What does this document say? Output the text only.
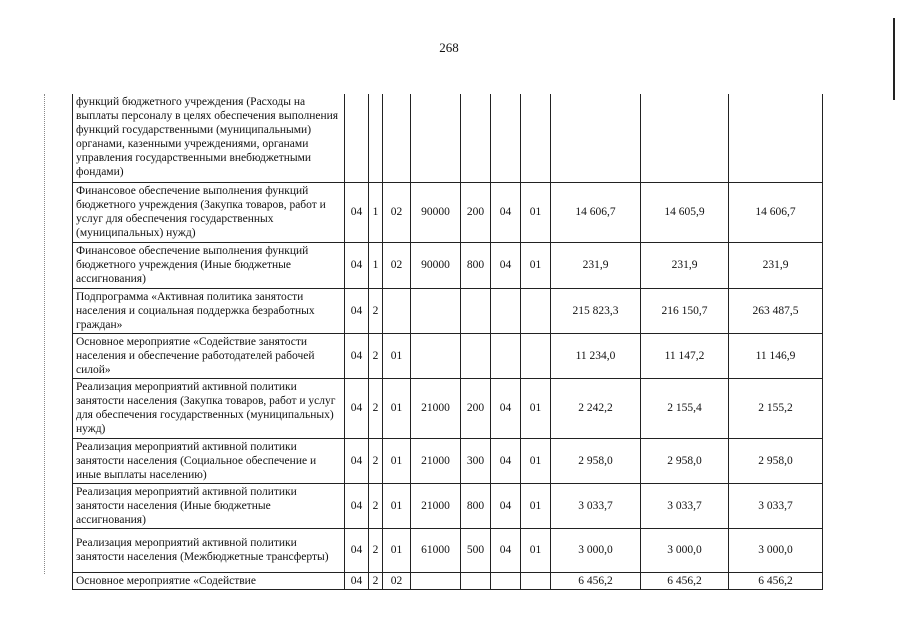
268
функций бюджетного учреждения (Расходы на выплаты персоналу в целях обеспечения выполнения функций государственными (муниципальными) органами, казенными учреждениями, органами управления государственными внебюджетными фондами)										
Финансовое обеспечение выполнения функций бюджетного учреждения (Закупка товаров, работ и услуг для обеспечения государственных (муниципальных) нужд)	04	1	02	90000	200	04	01	14 606,7	14 605,9	14 606,7
Финансовое обеспечение выполнения функций бюджетного учреждения (Иные бюджетные ассигнования)	04	1	02	90000	800	04	01	231,9	231,9	231,9
Подпрограмма «Активная политика занятости населения и социальная поддержка безработных граждан»	04	2						215 823,3	216 150,7	263 487,5
Основное мероприятие «Содействие занятости населения и обеспечение работодателей рабочей силой»	04	2	01					11 234,0	11 147,2	11 146,9
Реализация мероприятий активной политики занятости населения (Закупка товаров, работ и услуг для обеспечения государственных (муниципальных) нужд)	04	2	01	21000	200	04	01	2 242,2	2 155,4	2 155,2
Реализация мероприятий активной политики занятости населения (Социальное обеспечение и иные выплаты населению)	04	2	01	21000	300	04	01	2 958,0	2 958,0	2 958,0
Реализация мероприятий активной политики занятости населения (Иные бюджетные ассигнования)	04	2	01	21000	800	04	01	3 033,7	3 033,7	3 033,7
Реализация мероприятий активной политики занятости населения (Межбюджетные трансферты)	04	2	01	61000	500	04	01	3 000,0	3 000,0	3 000,0
Основное мероприятие «Содействие	04	2	02					6 456,2	6 456,2	6 456,2
